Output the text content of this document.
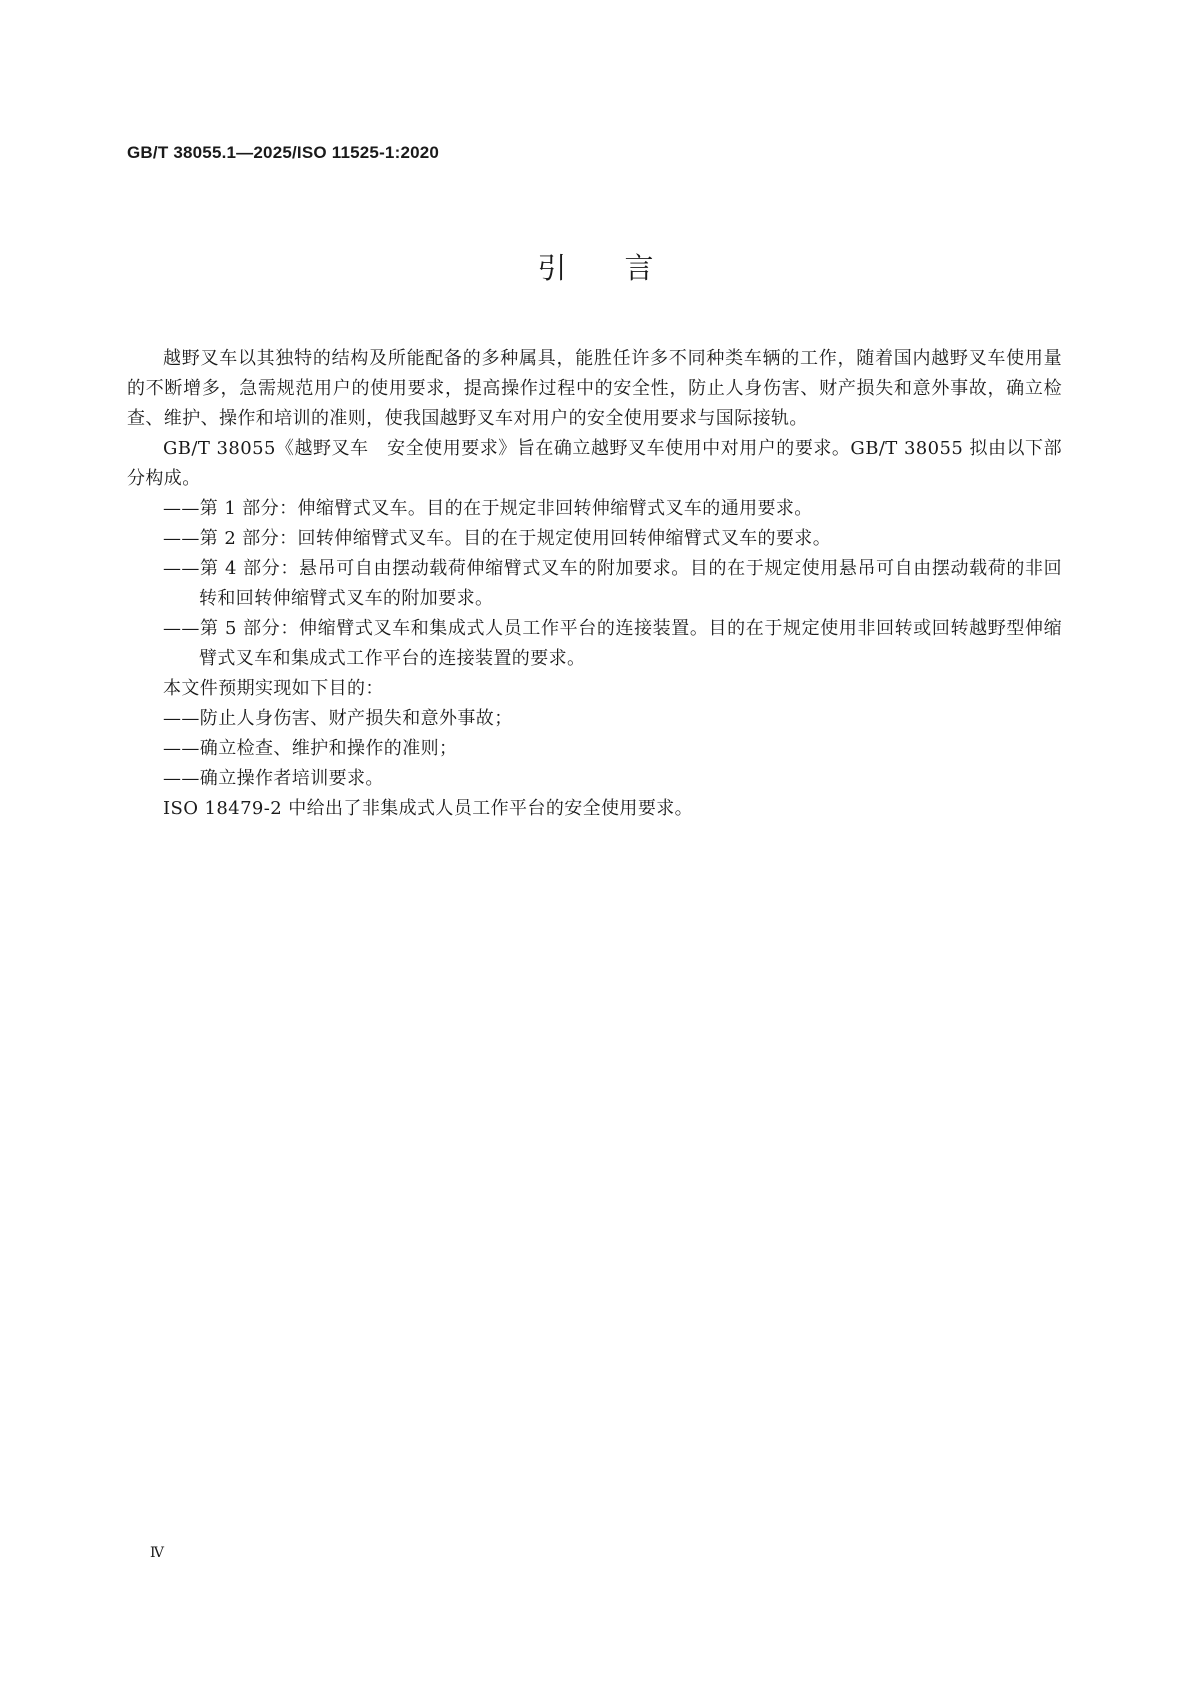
GB/T 38055.1—2025/ISO 11525-1:2020
引言

越野叉车以其独特的结构及所能配备的多种属具，能胜任许多不同种类车辆的工作，随着国内越野叉车使用量的不断增多，急需规范用户的使用要求，提高操作过程中的安全性，防止人身伤害、财产损失和意外事故，确立检查、维护、操作和培训的准则，使我国越野叉车对用户的安全使用要求与国际接轨。

GB/T 38055《越野叉车　安全使用要求》旨在确立越野叉车使用中对用户的要求。GB/T 38055 拟由以下部分构成。

——第 1 部分：伸缩臂式叉车。目的在于规定非回转伸缩臂式叉车的通用要求。

——第 2 部分：回转伸缩臂式叉车。目的在于规定使用回转伸缩臂式叉车的要求。

——第 4 部分：悬吊可自由摆动载荷伸缩臂式叉车的附加要求。目的在于规定使用悬吊可自由摆动载荷的非回转和回转伸缩臂式叉车的附加要求。

——第 5 部分：伸缩臂式叉车和集成式人员工作平台的连接装置。目的在于规定使用非回转或回转越野型伸缩臂式叉车和集成式工作平台的连接装置的要求。

本文件预期实现如下目的：

——防止人身伤害、财产损失和意外事故；

——确立检查、维护和操作的准则；

——确立操作者培训要求。

ISO 18479-2 中给出了非集成式人员工作平台的安全使用要求。

Ⅳ
